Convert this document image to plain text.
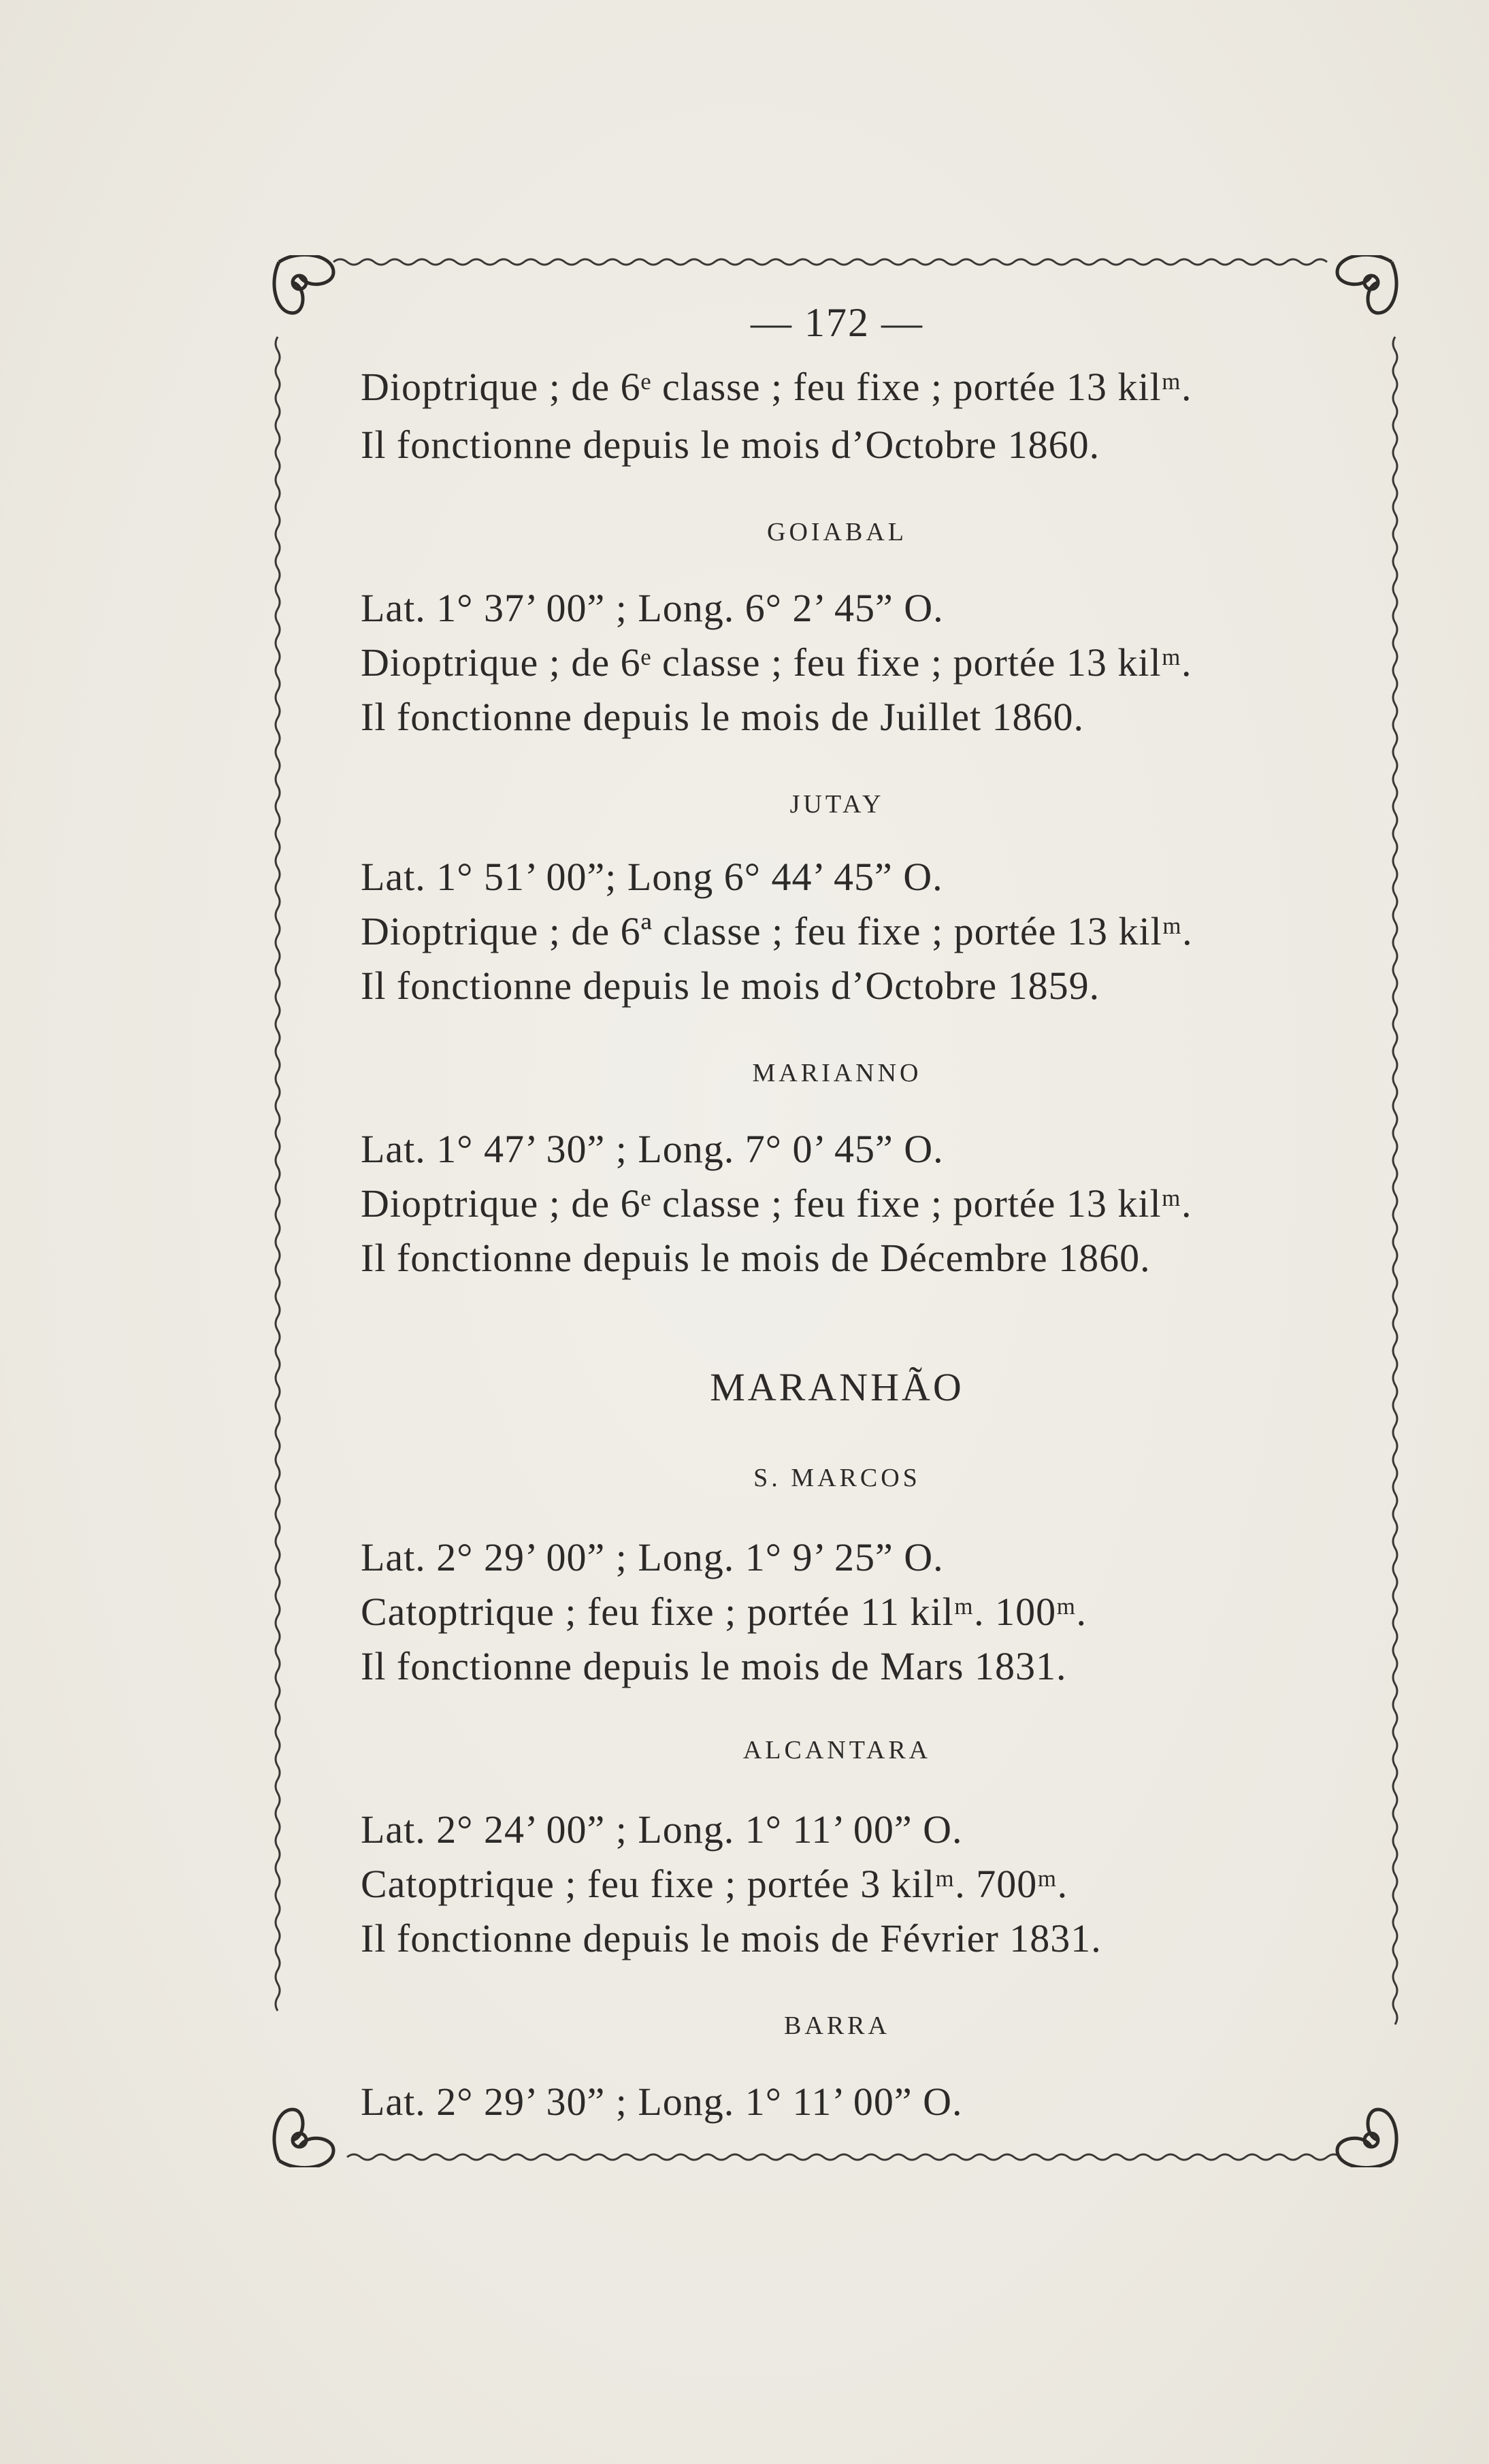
— 172 —
Dioptrique ; de 6ᵉ classe ; feu fixe ; portée 13 kilᵐ.
Il fonctionne depuis le mois d’Octobre 1860.
GOIABAL
Lat. 1° 37’ 00” ; Long. 6° 2’ 45” O.
Dioptrique ; de 6ᵉ classe ; feu fixe ; portée 13 kilᵐ.
Il fonctionne depuis le mois de Juillet 1860.
JUTAY
Lat. 1° 51’ 00”; Long 6° 44’ 45” O.
Dioptrique ; de 6ª classe ; feu fixe ; portée 13 kilᵐ.
Il fonctionne depuis le mois d’Octobre 1859.
MARIANNO
Lat. 1° 47’ 30” ; Long. 7° 0’ 45” O.
Dioptrique ; de 6ᵉ classe ; feu fixe ; portée 13 kilᵐ.
Il fonctionne depuis le mois de Décembre 1860.
MARANHÃO
S. MARCOS
Lat. 2° 29’ 00” ; Long. 1° 9’ 25” O.
Catoptrique ; feu fixe ; portée 11 kilᵐ. 100ᵐ.
Il fonctionne depuis le mois de Mars 1831.
ALCANTARA
Lat. 2° 24’ 00” ; Long. 1° 11’ 00” O.
Catoptrique ; feu fixe ; portée 3 kilᵐ. 700ᵐ.
Il fonctionne depuis le mois de Février 1831.
BARRA
Lat. 2° 29’ 30” ; Long. 1° 11’ 00” O.
